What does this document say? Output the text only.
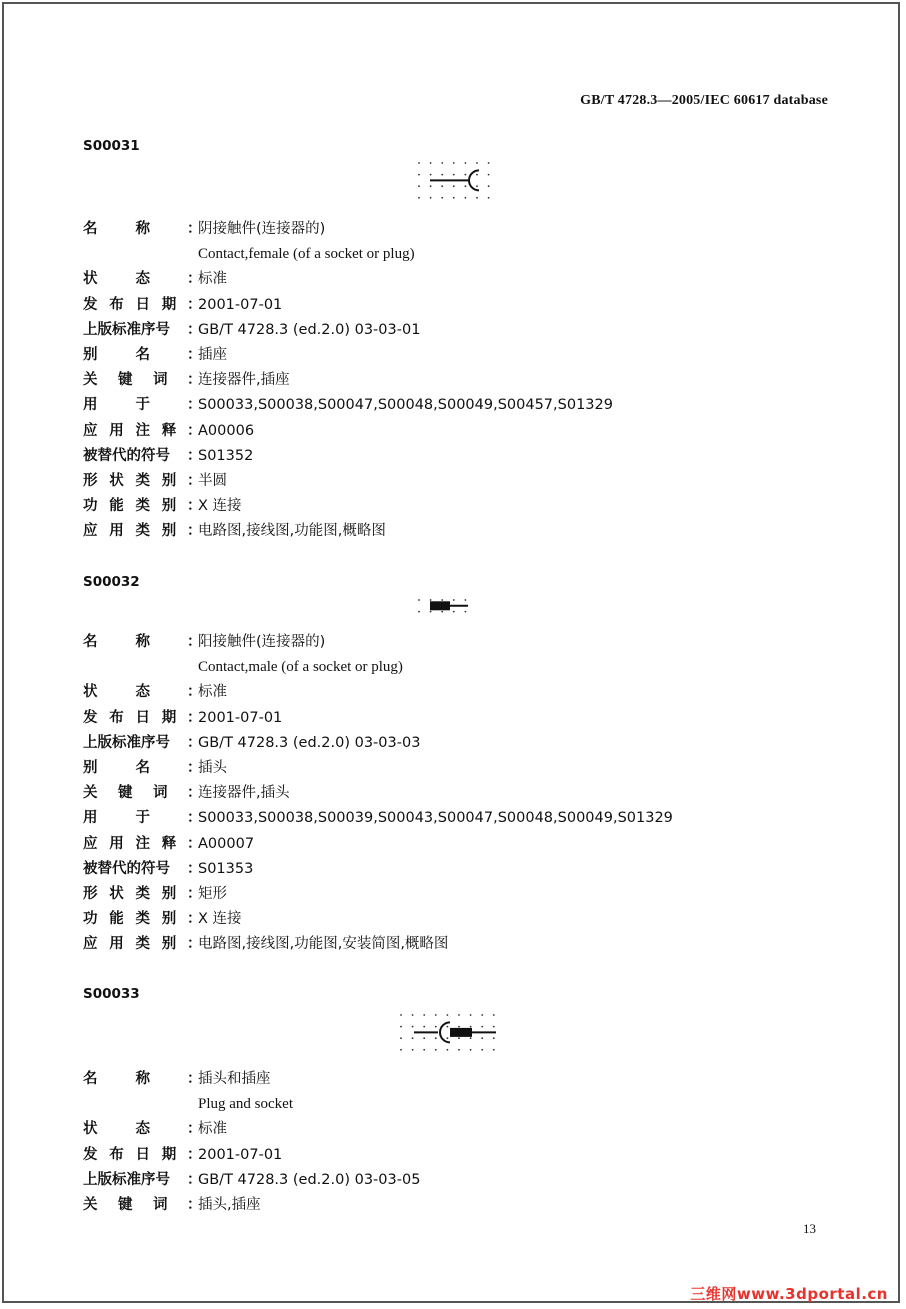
GB/T 4728.3—2005/IEC 60617 database
S00031
名	称	：
阴接触件(连接器的)
Contact,female (of a socket or plug)
状	态	：
标准
发 布 日 期 ：
2001-07-01
上版标准序号 ：
GB/T 4728.3 (ed.2.0) 03-03-01
别	名	：
插座
关 键 词 ：
连接器件,插座
用	于	：
S00033,S00038,S00047,S00048,S00049,S00457,S01329
应 用 注 释 ：
A00006
被替代的符号 ：
S01352
形 状 类 别 ：
半圆
功 能 类 别 ：
X 连接
应 用 类 别 ：
电路图,接线图,功能图,概略图
S00032
名	称	：
阳接触件(连接器的)
Contact,male (of a socket or plug)
状	态	：
标准
发 布 日 期 ：
2001-07-01
上版标准序号 ：
GB/T 4728.3 (ed.2.0) 03-03-03
别	名	：
插头
关 键 词 ：
连接器件,插头
用	于	：
S00033,S00038,S00039,S00043,S00047,S00048,S00049,S01329
应 用 注 释 ：
A00007
被替代的符号 ：
S01353
形 状 类 别 ：
矩形
功 能 类 别 ：
X 连接
应 用 类 别 ：
电路图,接线图,功能图,安装简图,概略图
S00033
名	称	：
插头和插座
Plug and socket
状	态	：
标准
发 布 日 期 ：
2001-07-01
上版标准序号 ：
GB/T 4728.3 (ed.2.0) 03-03-05
关 键 词 ：
插头,插座
13
三维网www.3dportal.cn
